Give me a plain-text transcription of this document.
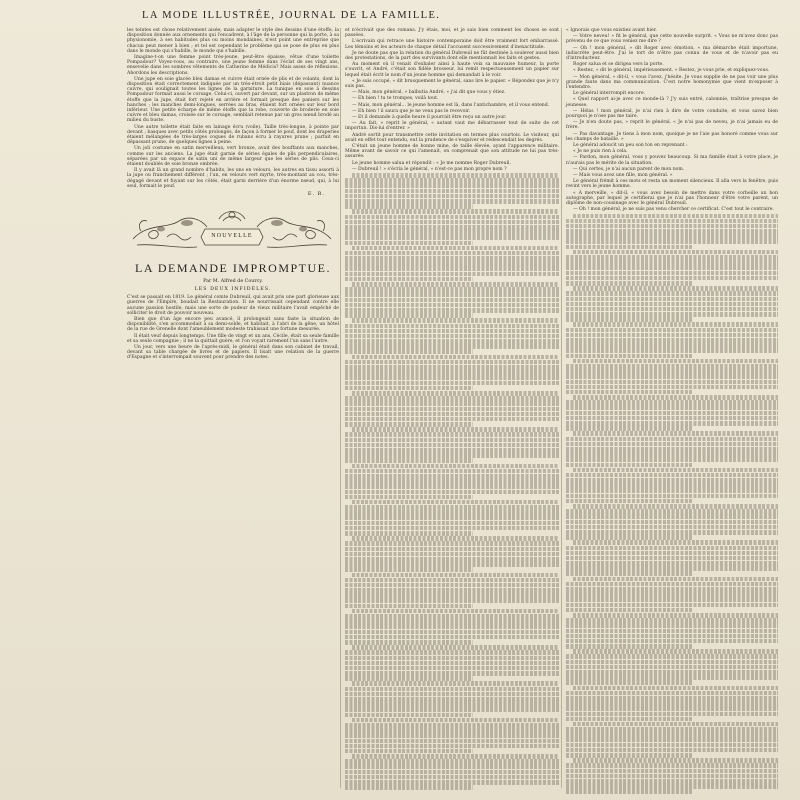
LA MODE ILLUSTRÉE, JOURNAL DE LA FAMILLE.

les teintes est chose relativement aisée; mais adapter le style des dessins d'une étoffe, la disposition donnée aux ornements qui l'encadrent, à l'âge de la personne qui la porte, à sa physionomie, à ses habitudes plus ou moins mondaines, n'est point une entreprise que chacun peut mener à bien ; et tel est cependant le problème qui se pose de plus en plus dans le monde qui s'habille, le monde qui s'habille.

Imagine-t-on une femme point très-jeune, peut-être épaisse, vêtue d'une toilette Pompadour? Voyez-vous, au contraire, une jeune femme dans l'éclat de ses vingt ans, ensevelie dans les sombres vêtements de Catherine de Médicis? Mais assez de réflexions. Abordons les descriptions.

Une jupe en soie glacée bleu damas et cuivre était ornée de plis et de volants, dont la disposition était correctement indiquée par un très-étroit petit biais (dépassant) nuance cuivre, qui soulignait toutes les lignes de la garniture. La tunique en soie à dessins Pompadour formait aussi le corsage. Celui-ci, ouvert par devant, sur un plastron de même étoffe que la jupe, était fort rejeté en arrière et formait presque des paniers sur les hanches ; les manches demi-longues, serrées au bras, étaient fort ornées sur leur bord inférieur. Une petite écharpe de même étoffe que la robe, couverte de broderie en soie cuivre et bleu damas, croisée sur le corsage, semblait retenue par un gros nœud brodé au milieu du buste.

Une autre toilette était faite en lainage écru (voile). Taille très-longue, à pointe par devant ; basques avec petits côtés prolongés, de façon à former le pouf, dont les draperies étaient mélangées de très-larges coques de rubans écru à rayures prune ; parfait en dépassant prune, de quelques lignes à peine.

Un joli costume en satin merveilleux, vert bronze, avait des bouffants aux manches, comme sur les anciens. La jupe était garnie de séries égales de plis perpendiculaires, séparées par un espace de satin uni de même largeur que les séries de plis. Ceux-ci étaient doublés de soie bronze ombrée.

Il y avait là un grand nombre d'habits, les uns en velours, les autres en tissu assorti à la jupe ou franchement différent ; l'un, en velours vert myrte, très-montant au cou, très-dégagé devant et fuyant sur les côtés, était garni derrière d'un énorme nœud, qui, à lui seul, formait le pouf.

E. R.
NOUVELLE
LA DEMANDE IMPROMPTUE.
Par M. Alfred de Courcy.
LES DEUX INFIDÈLES.

C'est se passait en 1819. Le général comte Dubreuil, qui avait pris une part glorieuse aux guerres de l'Empire, boudait la Restauration. Il ne nourrissait cependant contre elle aucune passion hostile, mais une sorte de pudeur de vieux militaire l'avait empêché de solliciter le droit de pouvoir nouveau.

Bien que d'un âge encore peu avancé, il prolongeait sans faste la situation de disponibilité, s'en accommodait à sa demi-solde, et habitait, à l'abri de la gêne, un hôtel de la rue de Grenelle dont l'ameublement modeste trahissait une fortune mesurée.

Il était veuf depuis longtemps. Une fille de vingt et un ans, Cécile, était sa seule famille et sa seule compagnie ; il ne la quittait guère, et l'on voyait rarement l'un sans l'autre.

Un jour, vers une heure de l'après-midi, le général était dans son cabinet de travail, devant sa table chargée de livres et de papiers. Il lisait une relation de la guerre d'Espagne et s'interrompait souvent pour prendre des notes.

et n'écrivait que des romans. J'y étais, moi, et je sais bien comment les choses se sont passées.

L'écrivain qui retrace une histoire contemporaine doit être vraiment fort embarrassé. Les témoins et les acteurs de chaque détail l'accusent successivement d'inexactitude.

Je ne doute pas que la relation du général Dubreuil ne fût destinée à soulever aussi bien des protestations, de la part des survivants dont elle mentionnait les faits et gestes.

Au moment où il venait d'exhaler ainsi à haute voix sa mauvaise humeur, la porte s'ouvrit, et André, c'était son fidèle brosseur, lui remit respectueusement un papier sur lequel était écrit le nom d'un jeune homme qui demandait à le voir.

« Je suis occupé, » dit brusquement le général, sans lire le papier. « Répondez que je n'y suis pas.

— Mais, mon général, » balbutia André, « j'ai dit que vous y étiez.

— Eh bien ! tu te trompes, voilà tout.

— Mais, mon général... le jeune homme est là, dans l'antichambre, et il vous entend.

— Eh bien ! il saura que je ne veux pas le recevoir.

— Et il demande à quelle heure il pourrait être reçu un autre jour.

— Au fait, » reprit le général, « autant vaut me débarrasser tout de suite de cet importun. Dis-lui d'entrer. »

André sortit pour transmettre cette invitation en termes plus courtois. Le visiteur, qui avait en effet tout entendu, eut la prudence de s'esquiver et redescendait les degrés.

C'était un jeune homme de bonne mine, de taille élevée, ayant l'apparence militaire. Même avant de savoir ce qui l'amenait, on comprenait que son attitude ne lui pas très-assurée.

Le jeune homme salua et répondit : « Je me nomme Roger Dubreuil.

— Dubreuil ! » s'écria le général, « n'est-ce pas mon propre nom ?

« Ignorais que vous existiez avant hier.

— Votre neveu! » fit le général, que cette nouvelle surprit. « Vous ne m'avez donc pas prévenu de ce que vous veniez me dire ?

— Oh ! mon général, » dit Roger avec émotion, « ma démarche était importune, indiscrète peut-être. J'ai le tort de n'être pas connu de vous et de n'avoir pas eu d'introducteur.

Roger salua et se dirigea vers la porte.

« Restez, » dit le général, impérieusement. « Restez, je vous prie, et expliquez-vous.

— Mon général, » dit-il, « vous l'avez, j'hésite. Je vous supplie de ne pas voir une plus grande faute dans ma communication. C'est notre homonymie que vient m'exposer à l'entendre.

Le général interrompit encore.

« Quel rapport ai-je avec ce monde-là ? J'y suis entré, calomnie, traîtrise presque de jeunesse.

— Hélas ! mon général, je n'ai rien à dire de votre conduite, et vous savez bien pourquoi je n'ose pas me taire.

— Je n'en doute pas, » reprit le général. « Je n'ai pas de neveu, je n'ai jamais eu de frère.

— Pas davantage. Je tiens à mon nom, quoique je ne l'aie pas honoré comme vous sur les champs de bataille. »

Le général adoucit un peu son ton en reprenant :

« Je ne puis rien à cela.

— Pardon, mon général, vous y pouvez beaucoup. Si ma famille était à votre place, je n'aurais pas le mérite de la situation.

— Qui certes, je n'ai aucun parent de mon nom.

— Mais vous avez une fille, mon général. »

Le général frémit à ces mots et resta un moment silencieux. Il alla vers la fenêtre, puis revint vers le jeune homme.

« À merveille, » dit-il, « vous avez besoin de mettre dans votre corbeille un bon autographe, par lequel je certifierai que je n'ai pas l'honneur d'être votre parent, un diplôme de non-cousinage avec le général Dubreuil.

— Oh ! mon général, je ne suis pas venu chercher ce certificat. C'est tout le contraire.
